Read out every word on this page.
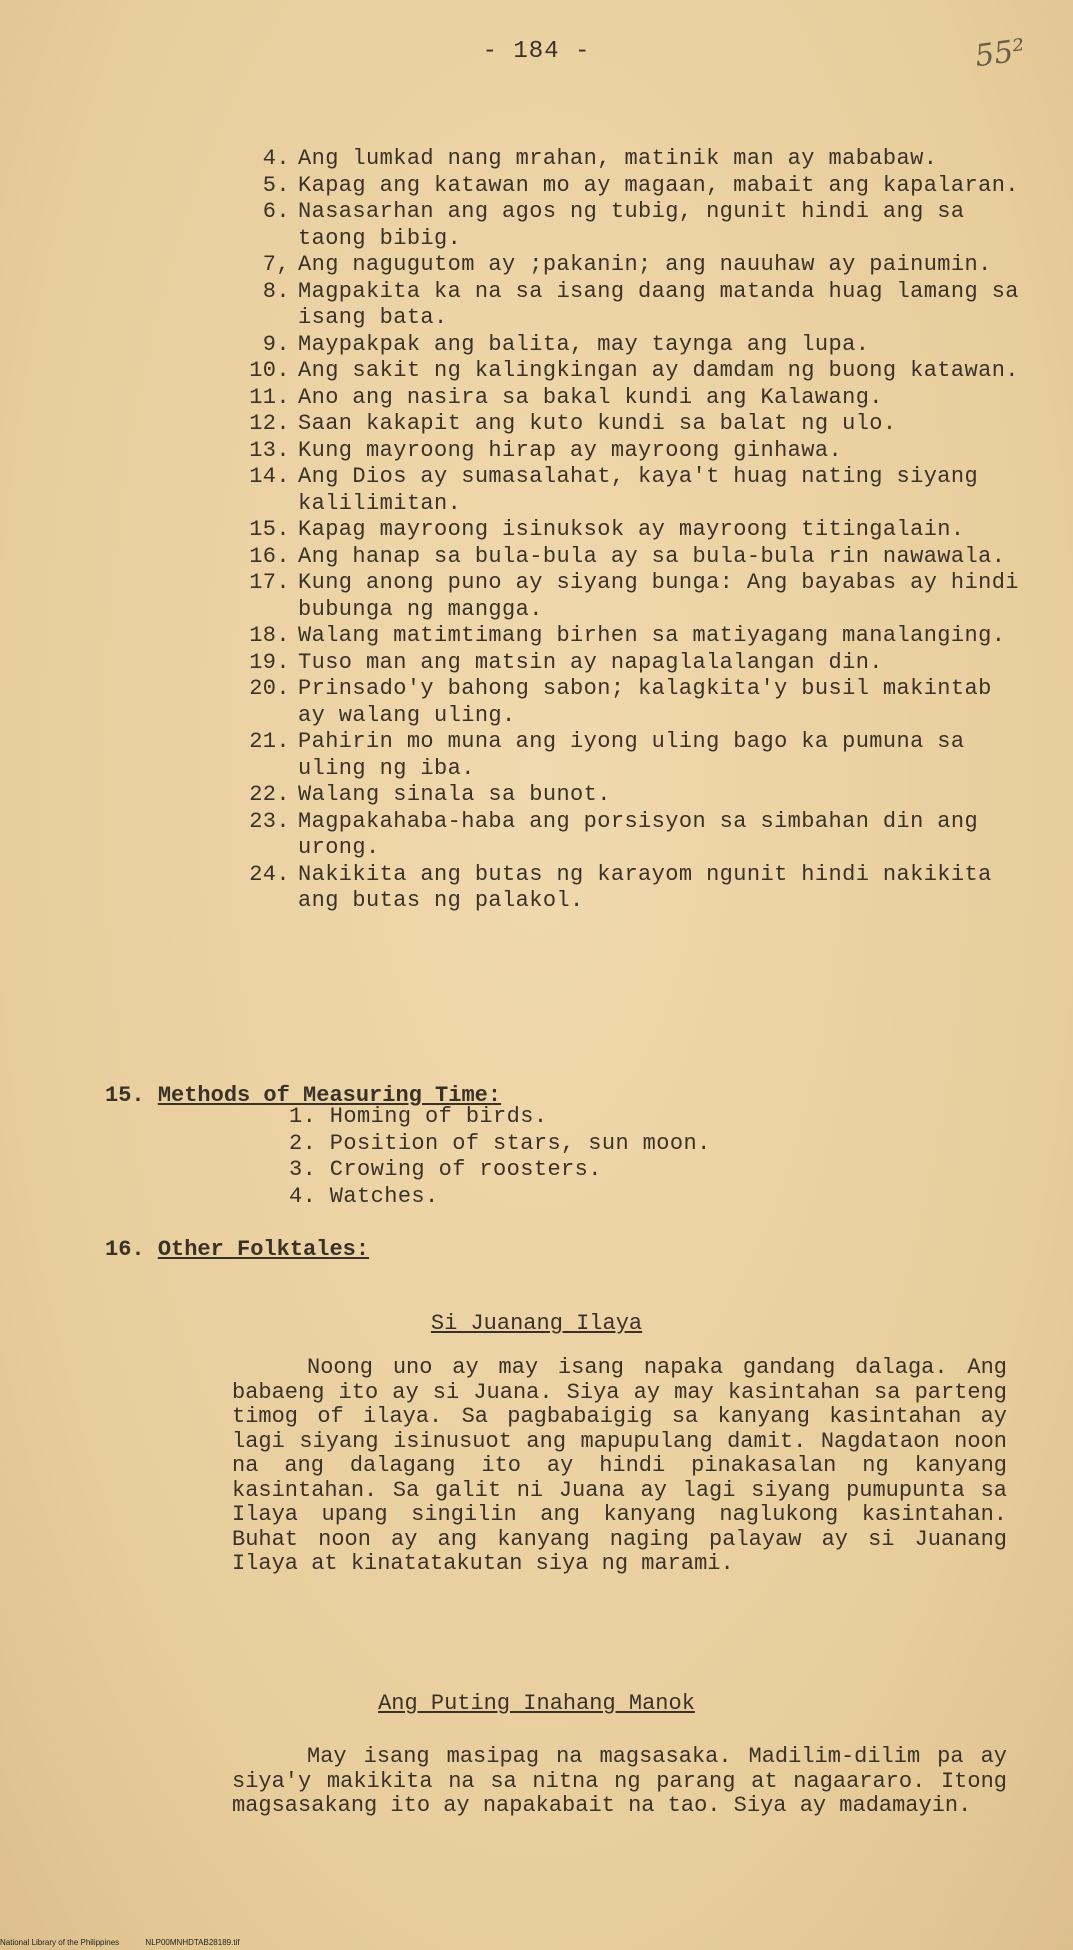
- 184 -	55²
4. Ang lumkad nang mrahan, matinik man ay mababaw.
5. Kapag ang katawan mo ay magaan, mabait ang kapalaran.
6. Nasasarhan ang agos ng tubig, ngunit hindi ang sa taong bibig.
7, Ang nagugutom ay ;pakanin; ang nauuhaw ay painumin.
8. Magpakita ka na sa isang daang matanda huag lamang sa isang bata.
9. Maypakpak ang balita, may taynga ang lupa.
10. Ang sakit ng kalingkingan ay damdam ng buong katawan.
11. Ano ang nasira sa bakal kundi ang Kalawang.
12. Saan kakapit ang kuto kundi sa balat ng ulo.
13. Kung mayroong hirap ay mayroong ginhawa.
14. Ang Dios ay sumasalahat, kaya't huag nating siyang kalilimitan.
15. Kapag mayroong isinuksok ay mayroong titingalain.
16. Ang hanap sa bula-bula ay sa bula-bula rin nawawala.
17. Kung anong puno ay siyang bunga: Ang bayabas ay hindi bubunga ng mangga.
18. Walang matimtimang birhen sa matiyagang manalanging.
19. Tuso man ang matsin ay napaglalalangan din.
20. Prinsado'y bahong sabon; kalagkita'y busil makintab ay walang uling.
21. Pahirin mo muna ang iyong uling bago ka pumuna sa uling ng iba.
22. Walang sinala sa bunot.
23. Magpakahaba-haba ang porsisyon sa simbahan din ang urong.
24. Nakikita ang butas ng karayom ngunit hindi nakikita ang butas ng palakol.
15. Methods of Measuring Time:
1. Homing of birds.
2. Position of stars, sun moon.
3. Crowing of roosters.
4. Watches.
16. Other Folktales:
Si Juanang Ilaya
Noong uno ay may isang napaka gandang dalaga. Ang babaeng ito ay si Juana. Siya ay may kasintahan sa parteng timog of ilaya. Sa pagbabaigig sa kanyang kasintahan ay lagi siyang isinusuot ang mapupulang damit. Nagdataon noon na ang dalagang ito ay hindi pinakasalan ng kanyang kasintahan. Sa galit ni Juana ay lagi siyang pumupunta sa Ilaya upang singilin ang kanyang naglukong kasintahan. Buhat noon ay ang kanyang naging palayaw ay si Juanang Ilaya at kinatatakutan siya ng marami.
Ang Puting Inahang Manok
May isang masipag na magsasaka. Madilim-dilim pa ay siya'y makikita na sa nitna ng parang at nagaararo. Itong magsasakang ito ay napakabait na tao. Siya ay madamayin.
National Library of the Philippines	NLP00MNHDTAB28189.tif
